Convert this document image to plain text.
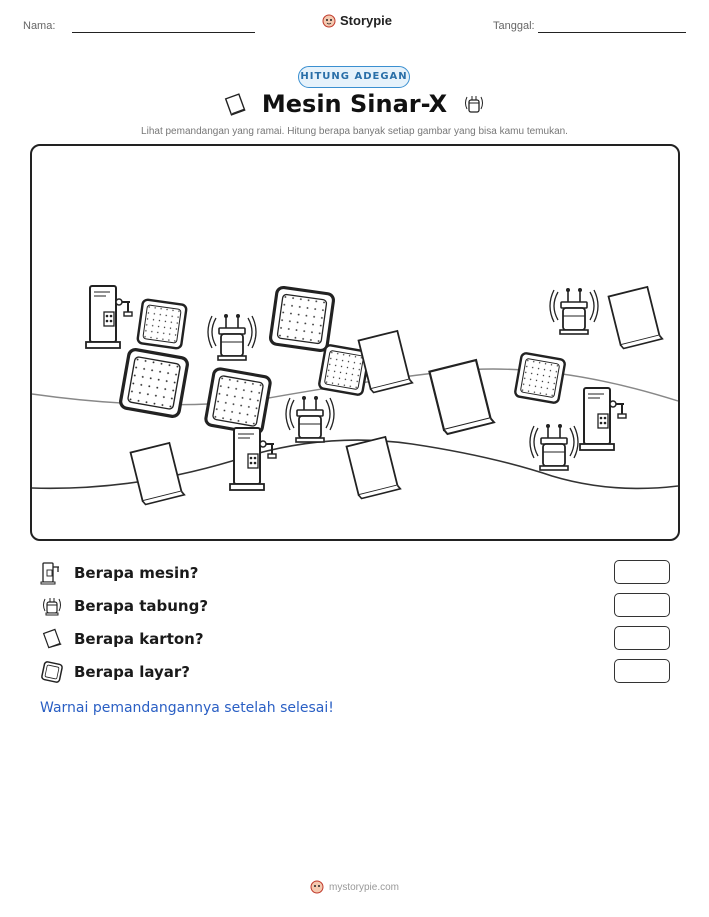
Nama:	Storypie	Tanggal:
HITUNG ADEGAN
Mesin Sinar-X
Lihat pemandangan yang ramai. Hitung berapa banyak setiap gambar yang bisa kamu temukan.
Berapa mesin?
Berapa tabung?
Berapa karton?
Berapa layar?
Warnai pemandangannya setelah selesai!
mystorypie.com
